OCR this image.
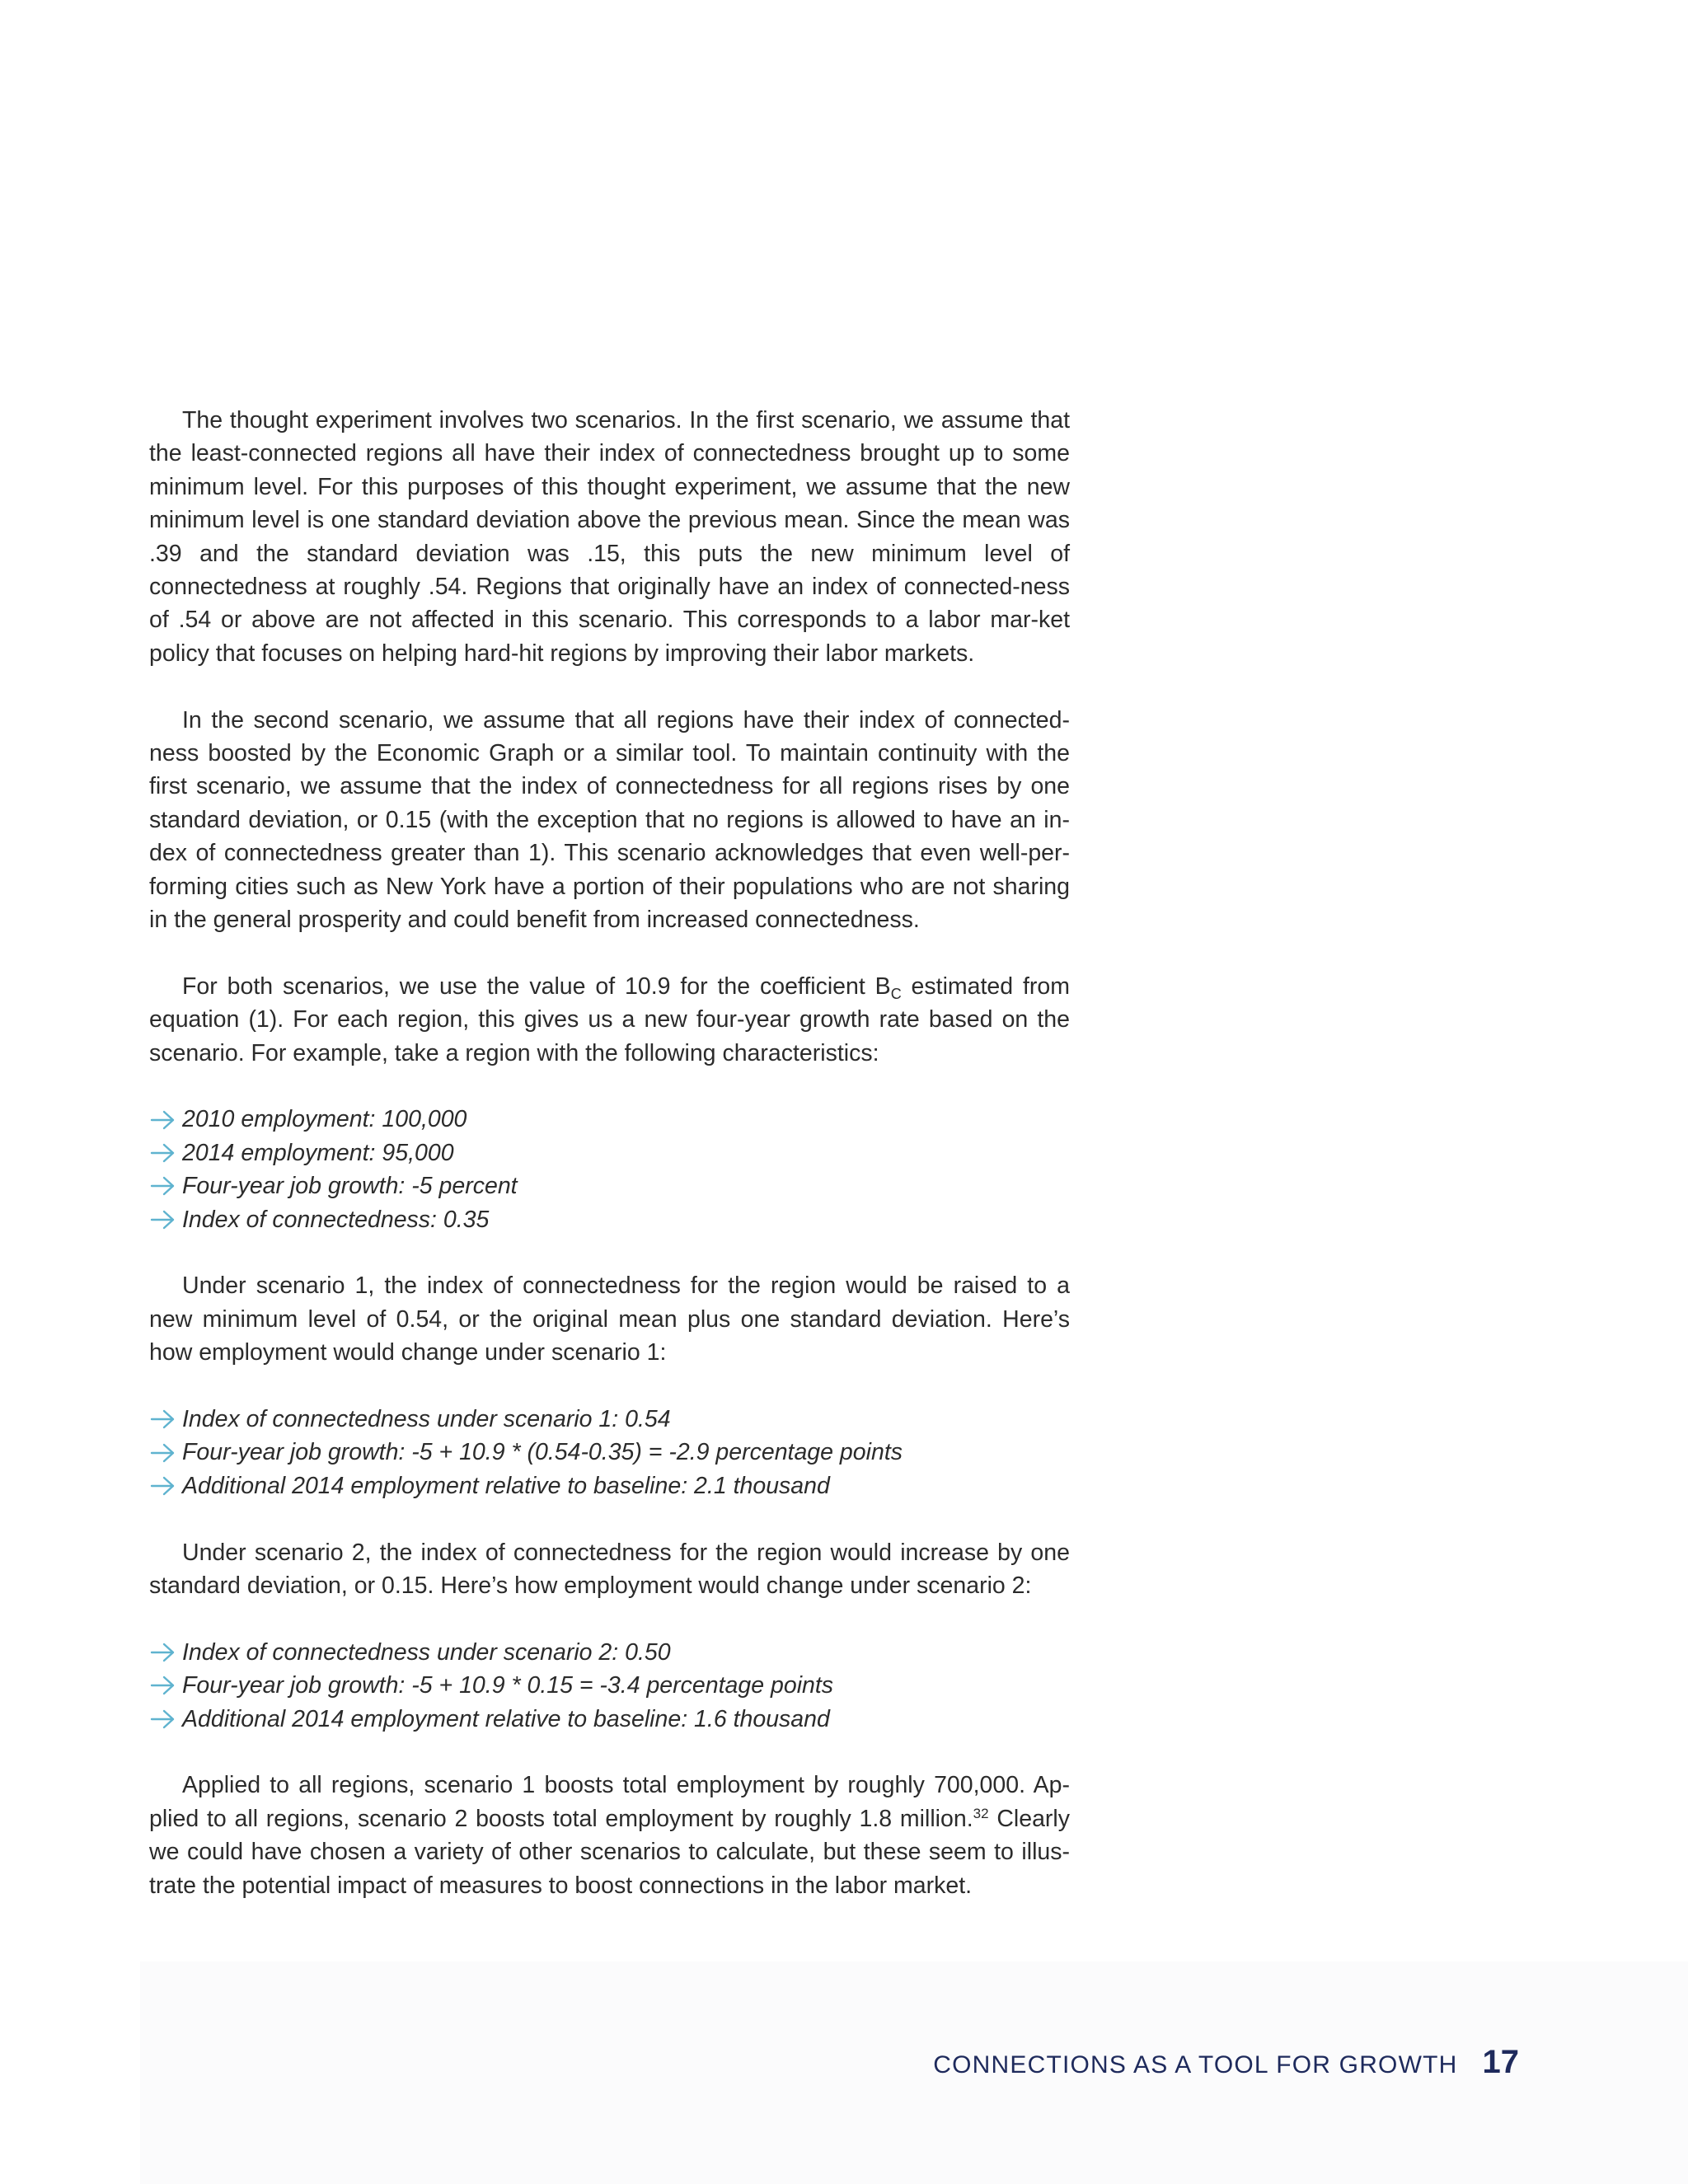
The thought experiment involves two scenarios. In the first scenario, we assume that the least-connected regions all have their index of connectedness brought up to some minimum level. For this purposes of this thought experiment, we assume that the new minimum level is one standard deviation above the previous mean. Since the mean was .39 and the standard deviation was .15, this puts the new minimum level of connectedness at roughly .54. Regions that originally have an index of connected-ness of .54 or above are not affected in this scenario. This corresponds to a labor mar-ket policy that focuses on helping hard-hit regions by improving their labor markets.

In the second scenario, we assume that all regions have their index of connected-ness boosted by the Economic Graph or a similar tool. To maintain continuity with the first scenario, we assume that the index of connectedness for all regions rises by one standard deviation, or 0.15 (with the exception that no regions is allowed to have an in-dex of connectedness greater than 1). This scenario acknowledges that even well-per-forming cities such as New York have a portion of their populations who are not sharing in the general prosperity and could benefit from increased connectedness.

For both scenarios, we use the value of 10.9 for the coefficient $B_C$ estimated from equation (1). For each region, this gives us a new four-year growth rate based on the scenario. For example, take a region with the following characteristics:

2010 employment: 100,000
2014 employment: 95,000
Four-year job growth: -5 percent
Index of connectedness: 0.35

Under scenario 1, the index of connectedness for the region would be raised to a new minimum level of 0.54, or the original mean plus one standard deviation. Here’s how employment would change under scenario 1:

Index of connectedness under scenario 1: 0.54
Four-year job growth: -5 + 10.9 * (0.54-0.35) = -2.9 percentage points
Additional 2014 employment relative to baseline: 2.1 thousand

Under scenario 2, the index of connectedness for the region would increase by one standard deviation, or 0.15. Here’s how employment would change under scenario 2:

Index of connectedness under scenario 2: 0.50
Four-year job growth: -5 + 10.9 * 0.15 = -3.4 percentage points
Additional 2014 employment relative to baseline: 1.6 thousand

Applied to all regions, scenario 1 boosts total employment by roughly 700,000. Ap-plied to all regions, scenario 2 boosts total employment by roughly 1.8 million.$^{32}$ Clearly we could have chosen a variety of other scenarios to calculate, but these seem to illus-trate the potential impact of measures to boost connections in the labor market.

CONNECTIONS AS A TOOL FOR GROWTH 17
